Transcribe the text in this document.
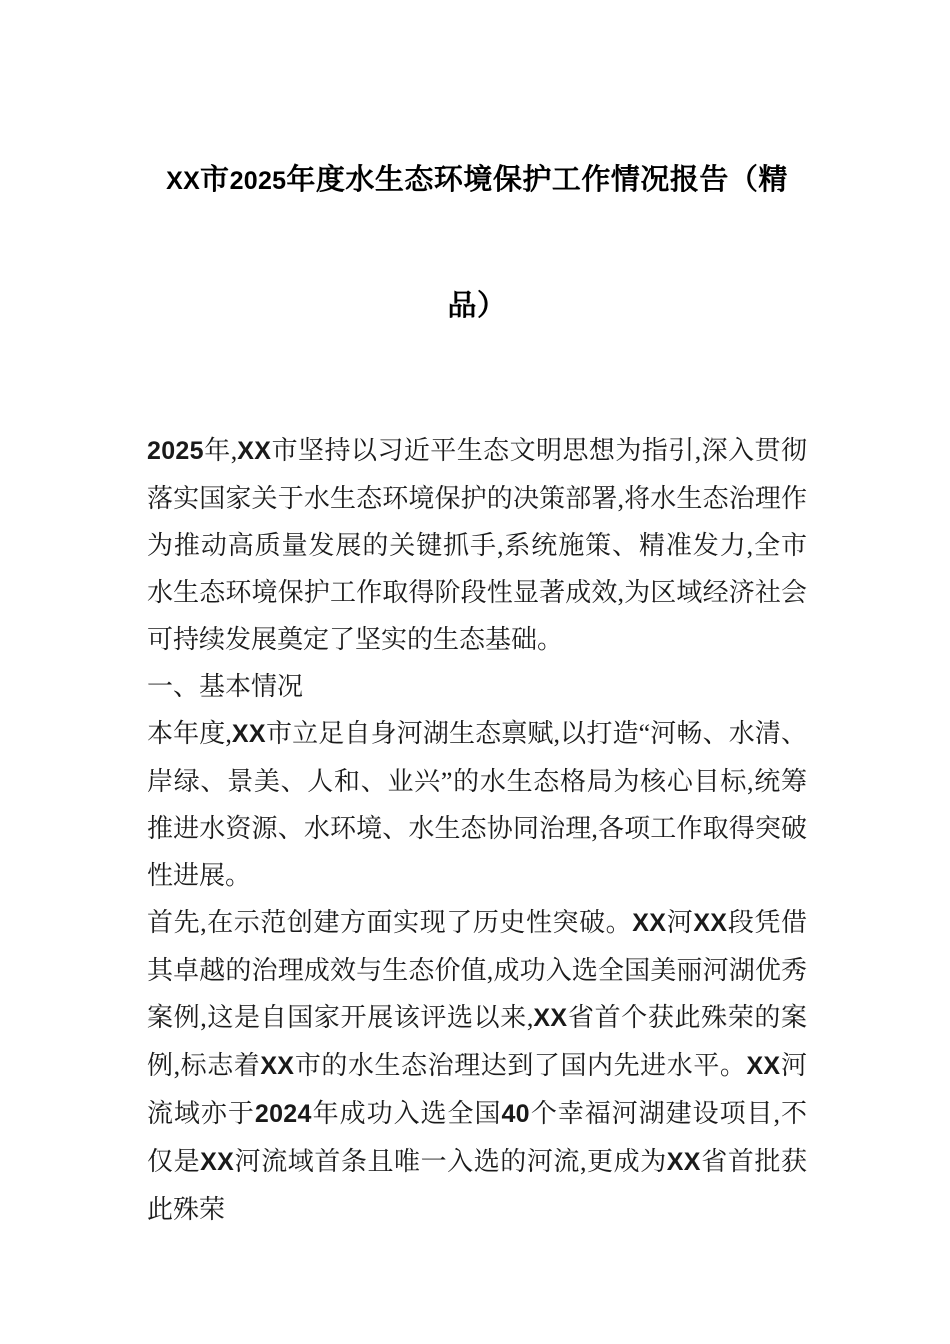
XX市2025年度水生态环境保护工作情况报告（精品）

2025年,XX市坚持以习近平生态文明思想为指引,深入贯彻落实国家关于水生态环境保护的决策部署,将水生态治理作为推动高质量发展的关键抓手,系统施策、精准发力,全市水生态环境保护工作取得阶段性显著成效,为区域经济社会可持续发展奠定了坚实的生态基础。

一、基本情况

本年度,XX市立足自身河湖生态禀赋,以打造“河畅、水清、岸绿、景美、人和、业兴”的水生态格局为核心目标,统筹推进水资源、水环境、水生态协同治理,各项工作取得突破性进展。

首先,在示范创建方面实现了历史性突破。XX河XX段凭借其卓越的治理成效与生态价值,成功入选全国美丽河湖优秀案例,这是自国家开展该评选以来,XX省首个获此殊荣的案例,标志着XX市的水生态治理达到了国内先进水平。XX河流域亦于2024年成功入选全国40个幸福河湖建设项目,不仅是XX河流域首条且唯一入选的河流,更成为XX省首批获此殊荣
